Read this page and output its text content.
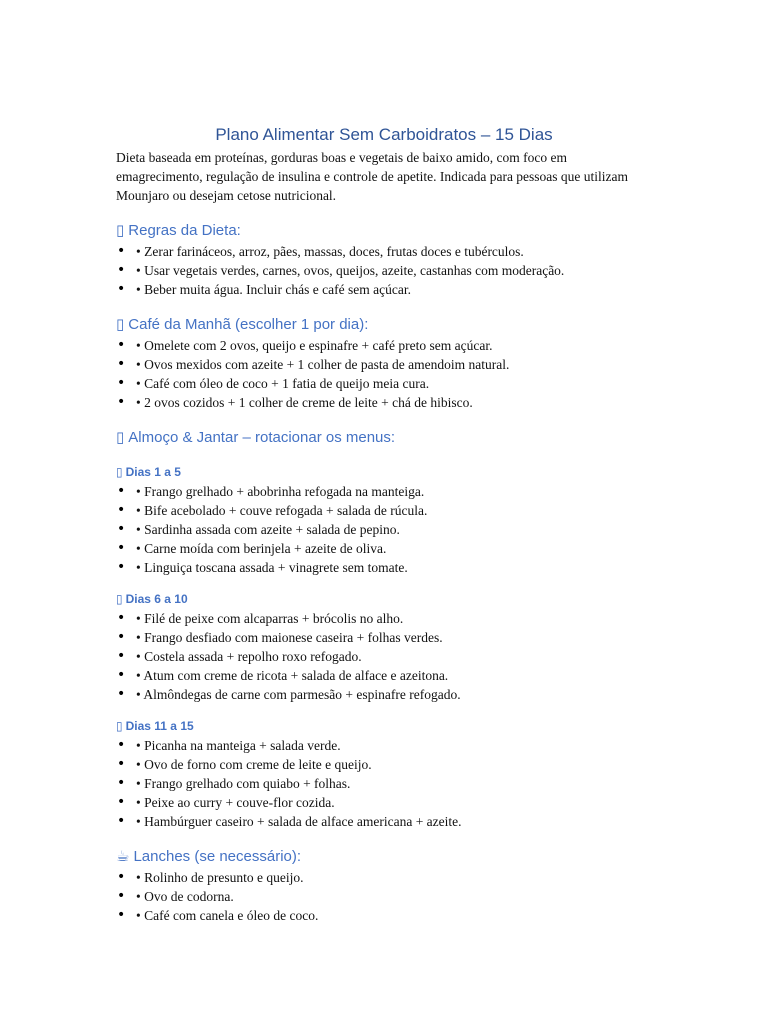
Plano Alimentar Sem Carboidratos – 15 Dias

Dieta baseada em proteínas, gorduras boas e vegetais de baixo amido, com foco em emagrecimento, regulação de insulina e controle de apetite. Indicada para pessoas que utilizam Mounjaro ou desejam cetose nutricional.

▯ Regras da Dieta:
• • Zerar farináceos, arroz, pães, massas, doces, frutas doces e tubérculos.
• • Usar vegetais verdes, carnes, ovos, queijos, azeite, castanhas com moderação.
• • Beber muita água. Incluir chás e café sem açúcar.
▯ Café da Manhã (escolher 1 por dia):
• • Omelete com 2 ovos, queijo e espinafre + café preto sem açúcar.
• • Ovos mexidos com azeite + 1 colher de pasta de amendoim natural.
• • Café com óleo de coco + 1 fatia de queijo meia cura.
• • 2 ovos cozidos + 1 colher de creme de leite + chá de hibisco.
▯ Almoço & Jantar – rotacionar os menus:
▯ Dias 1 a 5
• • Frango grelhado + abobrinha refogada na manteiga.
• • Bife acebolado + couve refogada + salada de rúcula.
• • Sardinha assada com azeite + salada de pepino.
• • Carne moída com berinjela + azeite de oliva.
• • Linguiça toscana assada + vinagrete sem tomate.
▯ Dias 6 a 10
• • Filé de peixe com alcaparras + brócolis no alho.
• • Frango desfiado com maionese caseira + folhas verdes.
• • Costela assada + repolho roxo refogado.
• • Atum com creme de ricota + salada de alface e azeitona.
• • Almôndegas de carne com parmesão + espinafre refogado.
▯ Dias 11 a 15
• • Picanha na manteiga + salada verde.
• • Ovo de forno com creme de leite e queijo.
• • Frango grelhado com quiabo + folhas.
• • Peixe ao curry + couve-flor cozida.
• • Hambúrguer caseiro + salada de alface americana + azeite.
☕ Lanches (se necessário):
• • Rolinho de presunto e queijo.
• • Ovo de codorna.
• • Café com canela e óleo de coco.
